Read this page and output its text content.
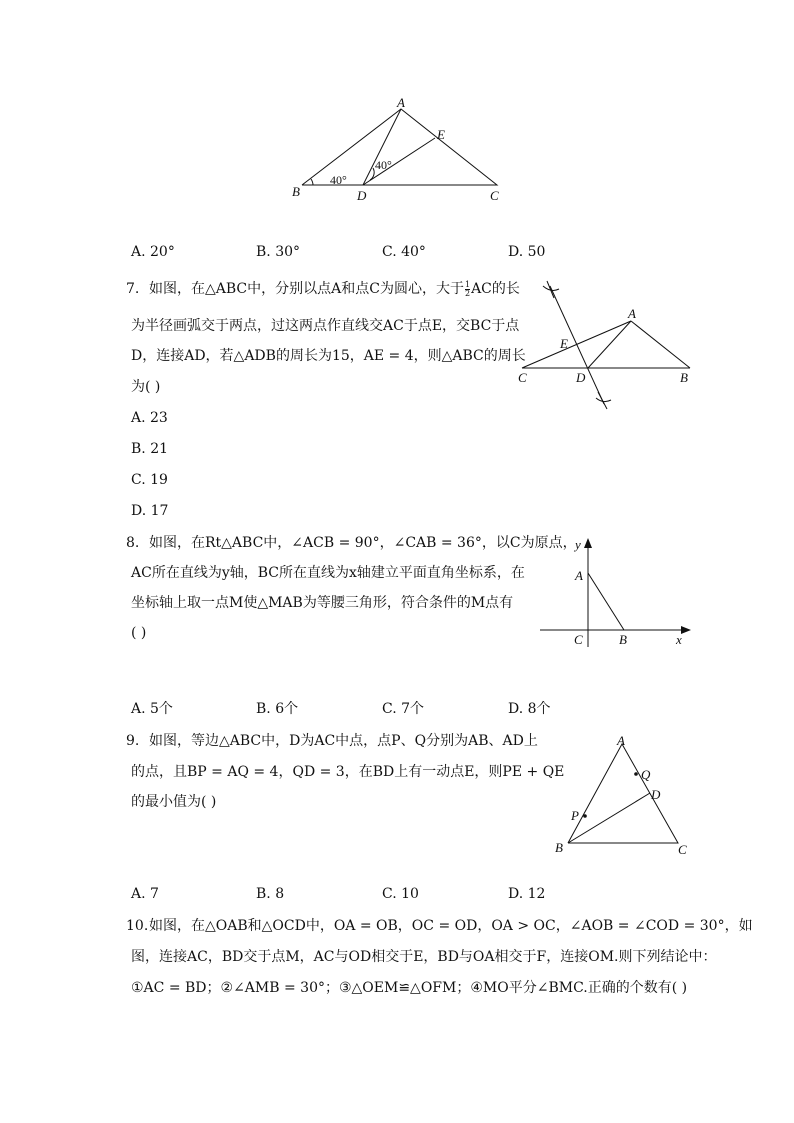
A
B	C
D
E
40°
40°
A. 20°	B. 30°	C. 40°	D. 50
7. 如图，在△ABC中，分别以点A和点C为圆心，大于 $\frac{1}{2}$ AC的长
为半径画弧交于两点，过这两点作直线交AC于点E，交BC于点
D，连接AD，若△ADB的周长为15，AE = 4，则△ABC的周长
为( )
A. 23
B. 21
C. 19
D. 17
A
B
C	D
E
8. 如图，在Rt△ABC中，∠ACB = 90°，∠CAB = 36°，以C为原点，
AC所在直线为y轴，BC所在直线为x轴建立平面直角坐标系，在
坐标轴上取一点M使△MAB为等腰三角形，符合条件的M点有
( )
y
x
A
C	B
A. 5个	B. 6个	C. 7个	D. 8个
9. 如图，等边△ABC中，D为AC中点，点P、Q分别为AB、AD上
的点，且BP = AQ = 4，QD = 3，在BD上有一动点E，则PE + QE
的最小值为( )
A
B	C
D
P
Q
A. 7	B. 8	C. 10	D. 12
10. 如图，在△OAB和△OCD中，OA = OB，OC = OD，OA > OC，∠AOB = ∠COD = 30°，如
图，连接AC，BD交于点M，AC与OD相交于E，BD与OA相交于F，连接OM.则下列结论中：
①AC = BD；②∠AMB = 30°；③△OEM≌△OFM；④MO平分∠BMC.正确的个数有( )
